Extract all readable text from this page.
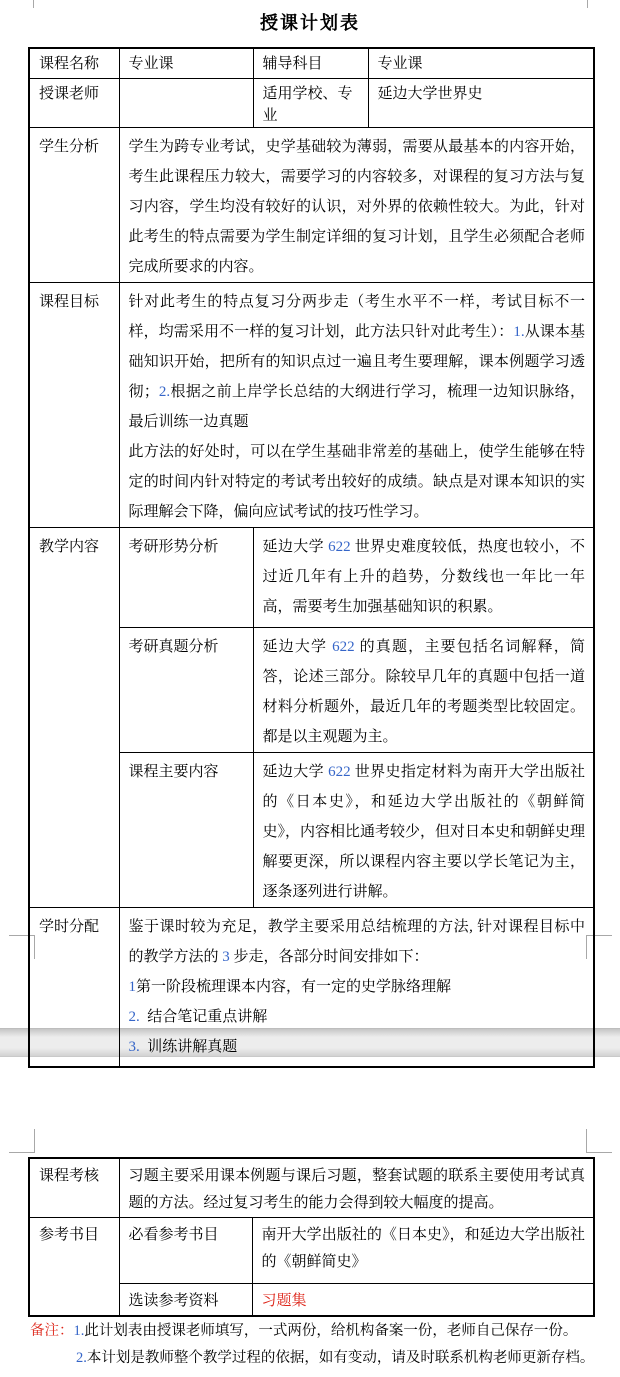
授课计划表
课程名称	专业课	辅导科目	专业课
授课老师		适用学校、专业	延边大学世界史
学生分析	学生为跨专业考试，史学基础较为薄弱，需要从最基本的内容开始，考生此课程压力较大，需要学习的内容较多，对课程的复习方法与复习内容，学生均没有较好的认识，对外界的依赖性较大。为此，针对此考生的特点需要为学生制定详细的复习计划，且学生必须配合老师完成所要求的内容。		
课程目标	针对此考生的特点复习分两步走（考生水平不一样，考试目标不一样，均需采用不一样的复习计划，此方法只针对此考生）：1.从课本基础知识开始，把所有的知识点过一遍且考生要理解，课本例题学习透彻；2.根据之前上岸学长总结的大纲进行学习，梳理一边知识脉络，最后训练一边真题

此方法的好处时，可以在学生基础非常差的基础上，使学生能够在特定的时间内针对特定的考试考出较好的成绩。缺点是对课本知识的实际理解会下降，偏向应试考试的技巧性学习。		

教学内容	考研形势分析	延边大学 622 世界史难度较低，热度也较小，不过近几年有上升的趋势，分数线也一年比一年高，需要考生加强基础知识的积累。	
	考研真题分析	延边大学 622 的真题，主要包括名词解释，简答，论述三部分。除较早几年的真题中包括一道材料分析题外，最近几年的考题类型比较固定。都是以主观题为主。	
	课程主要内容	延边大学 622 世界史指定材料为南开大学出版社的《日本史》，和延边大学出版社的《朝鲜简史》，内容相比通考较少，但对日本史和朝鲜史理解要更深，所以课程内容主要以学长笔记为主，逐条逐列进行讲解。	
学时分配	鉴于课时较为充足，教学主要采用总结梳理的方法, 针对课程目标中的教学方法的 3 步走，各部分时间安排如下：

1第一阶段梳理课本内容，有一定的史学脉络理解
2.  结合笔记重点讲解
3.  训练讲解真题		
课程考核	习题主要采用课本例题与课后习题，整套试题的联系主要使用考试真题的方法。经过复习考生的能力会得到较大幅度的提高。	
参考书目	必看参考书目	南开大学出版社的《日本史》，和延边大学出版社的《朝鲜简史》
	选读参考资料	习题集
备注：1.此计划表由授课老师填写，一式两份，给机构备案一份，老师自己保存一份。
2.本计划是教师整个教学过程的依据，如有变动，请及时联系机构老师更新存档。
